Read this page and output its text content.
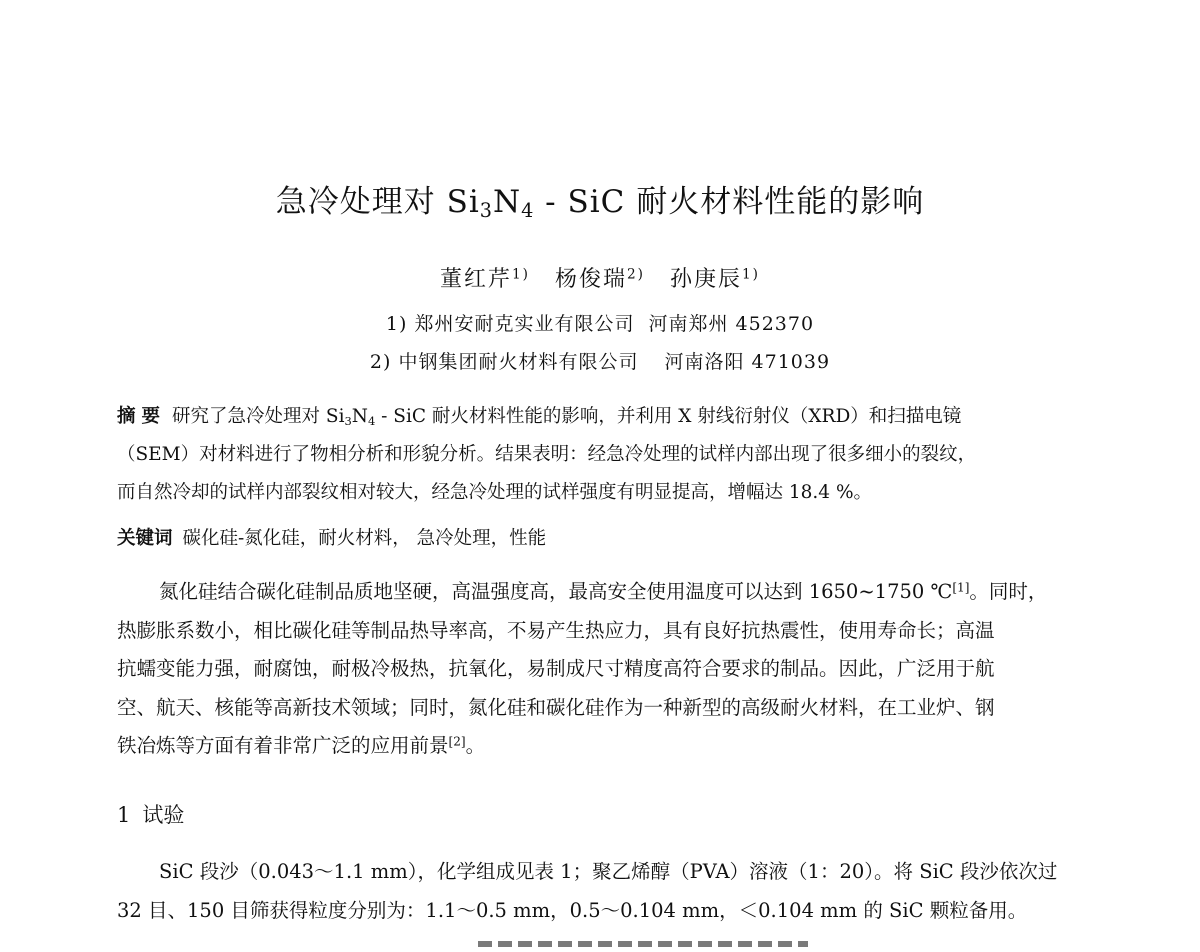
急冷处理对 $Si_3N_4$ - SiC 耐火材料性能的影响
董红芹$^{1)}$ 杨俊瑞$^{2)}$ 孙庚辰$^{1)}$
1) 郑州安耐克实业有限公司 河南郑州 452370
2) 中钢集团耐火材料有限公司 河南洛阳 471039
摘要 研究了急冷处理对 $Si_3N_4$ - SiC 耐火材料性能的影响，并利用 X 射线衍射仪（XRD）和扫描电镜
（SEM）对材料进行了物相分析和形貌分析。结果表明：经急冷处理的试样内部出现了很多细小的裂纹，
而自然冷却的试样内部裂纹相对较大，经急冷处理的试样强度有明显提高，增幅达 18.4 %。
关键词 碳化硅-氮化硅，耐火材料， 急冷处理，性能
氮化硅结合碳化硅制品质地坚硬，高温强度高，最高安全使用温度可以达到 1650~1750 ℃[1]。同时，
热膨胀系数小，相比碳化硅等制品热导率高，不易产生热应力，具有良好抗热震性，使用寿命长；高温
抗蠕变能力强，耐腐蚀，耐极冷极热，抗氧化，易制成尺寸精度高符合要求的制品。因此，广泛用于航
空、航天、核能等高新技术领域；同时，氮化硅和碳化硅作为一种新型的高级耐火材料，在工业炉、钢
铁冶炼等方面有着非常广泛的应用前景[2]。
1 试验
SiC 段沙（0.043～1.1 mm），化学组成见表 1；聚乙烯醇（PVA）溶液（1：20）。将 SiC 段沙依次过
32 目、150 目筛获得粒度分别为：1.1～0.5 mm，0.5～0.104 mm，＜0.104 mm 的 SiC 颗粒备用。
